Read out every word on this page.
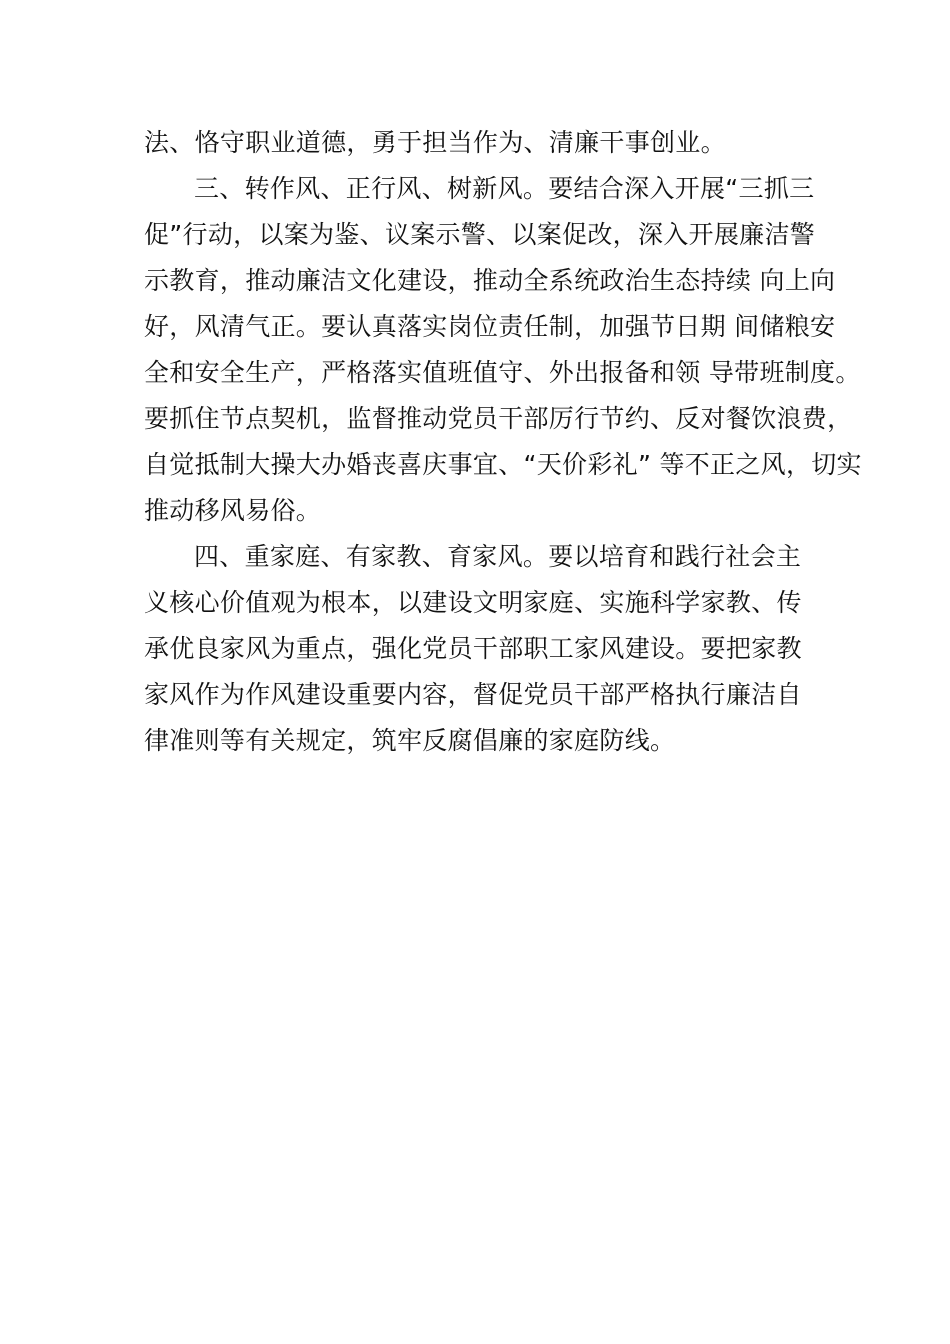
法、恪守职业道德，勇于担当作为、清廉干事创业。
三、转作风、正行风、树新风。要结合深入开展“三抓三
促”行动，以案为鉴、议案示警、以案促改，深入开展廉洁警
示教育，推动廉洁文化建设，推动全系统政治生态持续 向上向
好，风清气正。要认真落实岗位责任制，加强节日期 间储粮安
全和安全生产，严格落实值班值守、外出报备和领 导带班制度。
要抓住节点契机，监督推动党员干部厉行节约、反对餐饮浪费，
自觉抵制大操大办婚丧喜庆事宜、“天价彩礼” 等不正之风，切实
推动移风易俗。
四、重家庭、有家教、育家风。要以培育和践行社会主
义核心价值观为根本，以建设文明家庭、实施科学家教、传
承优良家风为重点，强化党员干部职工家风建设。要把家教
家风作为作风建设重要内容，督促党员干部严格执行廉洁自
律准则等有关规定，筑牢反腐倡廉的家庭防线。
